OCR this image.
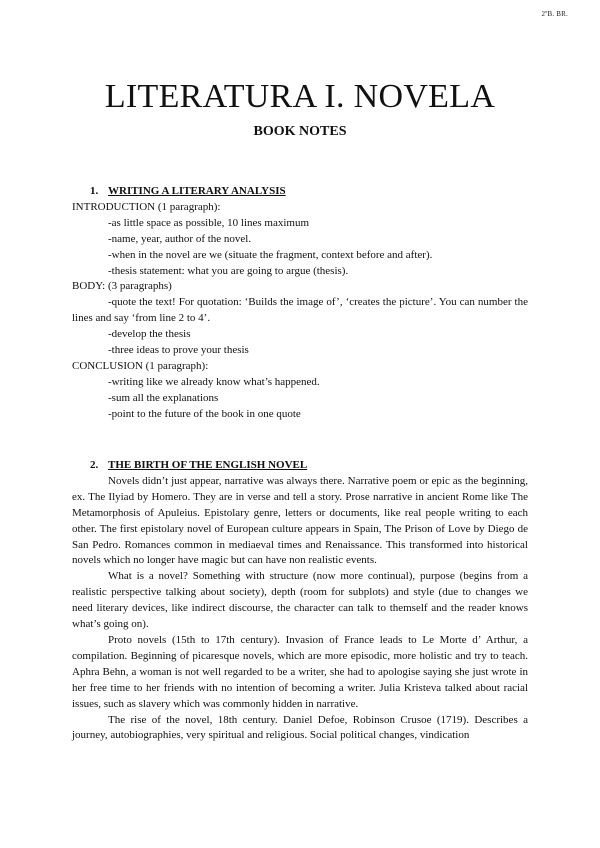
2ºB. BR.
LITERATURA I. NOVELA
BOOK NOTES

1. WRITING A LITERARY ANALYSIS

INTRODUCTION (1 paragraph):

-as little space as possible, 10 lines maximum

-name, year, author of the novel.

-when in the novel are we (situate the fragment, context before and after).

-thesis statement: what you are going to argue (thesis).

BODY: (3 paragraphs)

-quote the text! For quotation: ‘Builds the image of’, ‘creates the picture’. You can number the lines and say ‘from line 2 to 4’.

-develop the thesis

-three ideas to prove your thesis

CONCLUSION (1 paragraph):

-writing like we already know what’s happened.

-sum all the explanations

-point to the future of the book in one quote

2. THE BIRTH OF THE ENGLISH NOVEL

Novels didn’t just appear, narrative was always there. Narrative poem or epic as the beginning, ex. The Ilyiad by Homero. They are in verse and tell a story. Prose narrative in ancient Rome like The Metamorphosis of Apuleius. Epistolary genre, letters or documents, like real people writing to each other. The first epistolary novel of European culture appears in Spain, The Prison of Love by Diego de San Pedro. Romances common in mediaeval times and Renaissance. This transformed into historical novels which no longer have magic but can have non realistic events.

What is a novel? Something with structure (now more continual), purpose (begins from a realistic perspective talking about society), depth (room for subplots) and style (due to changes we need literary devices, like indirect discourse, the character can talk to themself and the reader knows what’s going on).

Proto novels (15th to 17th century). Invasion of France leads to Le Morte d’ Arthur, a compilation. Beginning of picaresque novels, which are more episodic, more holistic and try to teach. Aphra Behn, a woman is not well regarded to be a writer, she had to apologise saying she just wrote in her free time to her friends with no intention of becoming a writer. Julia Kristeva talked about racial issues, such as slavery which was commonly hidden in narrative.

The rise of the novel, 18th century. Daniel Defoe, Robinson Crusoe (1719). Describes a journey, autobiographies, very spiritual and religious. Social political changes, vindication
